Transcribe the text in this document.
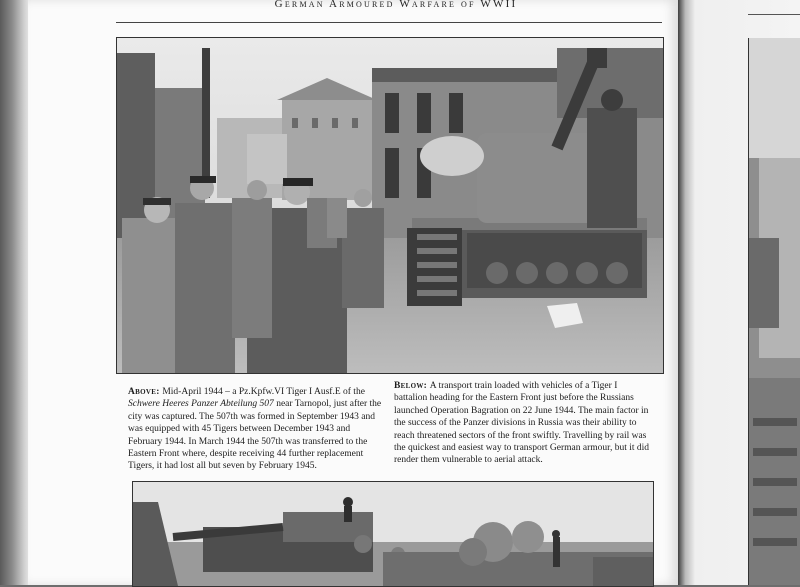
German Armoured Warfare of WWII
Above : Mid-April 1944 – a Pz.Kpfw.VI Tiger I Ausf.E of the Schwere Heeres Panzer Abteilung 507 near Tarnopol, just after the city was captured. The 507th was formed in September 1943 and was equipped with 45 Tigers between December 1943 and February 1944. In March 1944 the 507th was transferred to the Eastern Front where, despite receiving 44 further replacement Tigers, it had lost all but seven by February 1945.
Below : A transport train loaded with vehicles of a Tiger I battalion heading for the Eastern Front just before the Russians launched Operation Bagration on 22 June 1944. The main factor in the success of the Panzer divisions in Russia was their ability to reach threatened sectors of the front swiftly. Travelling by rail was the quickest and easiest way to transport German armour, but it did render them vulnerable to aerial attack.
